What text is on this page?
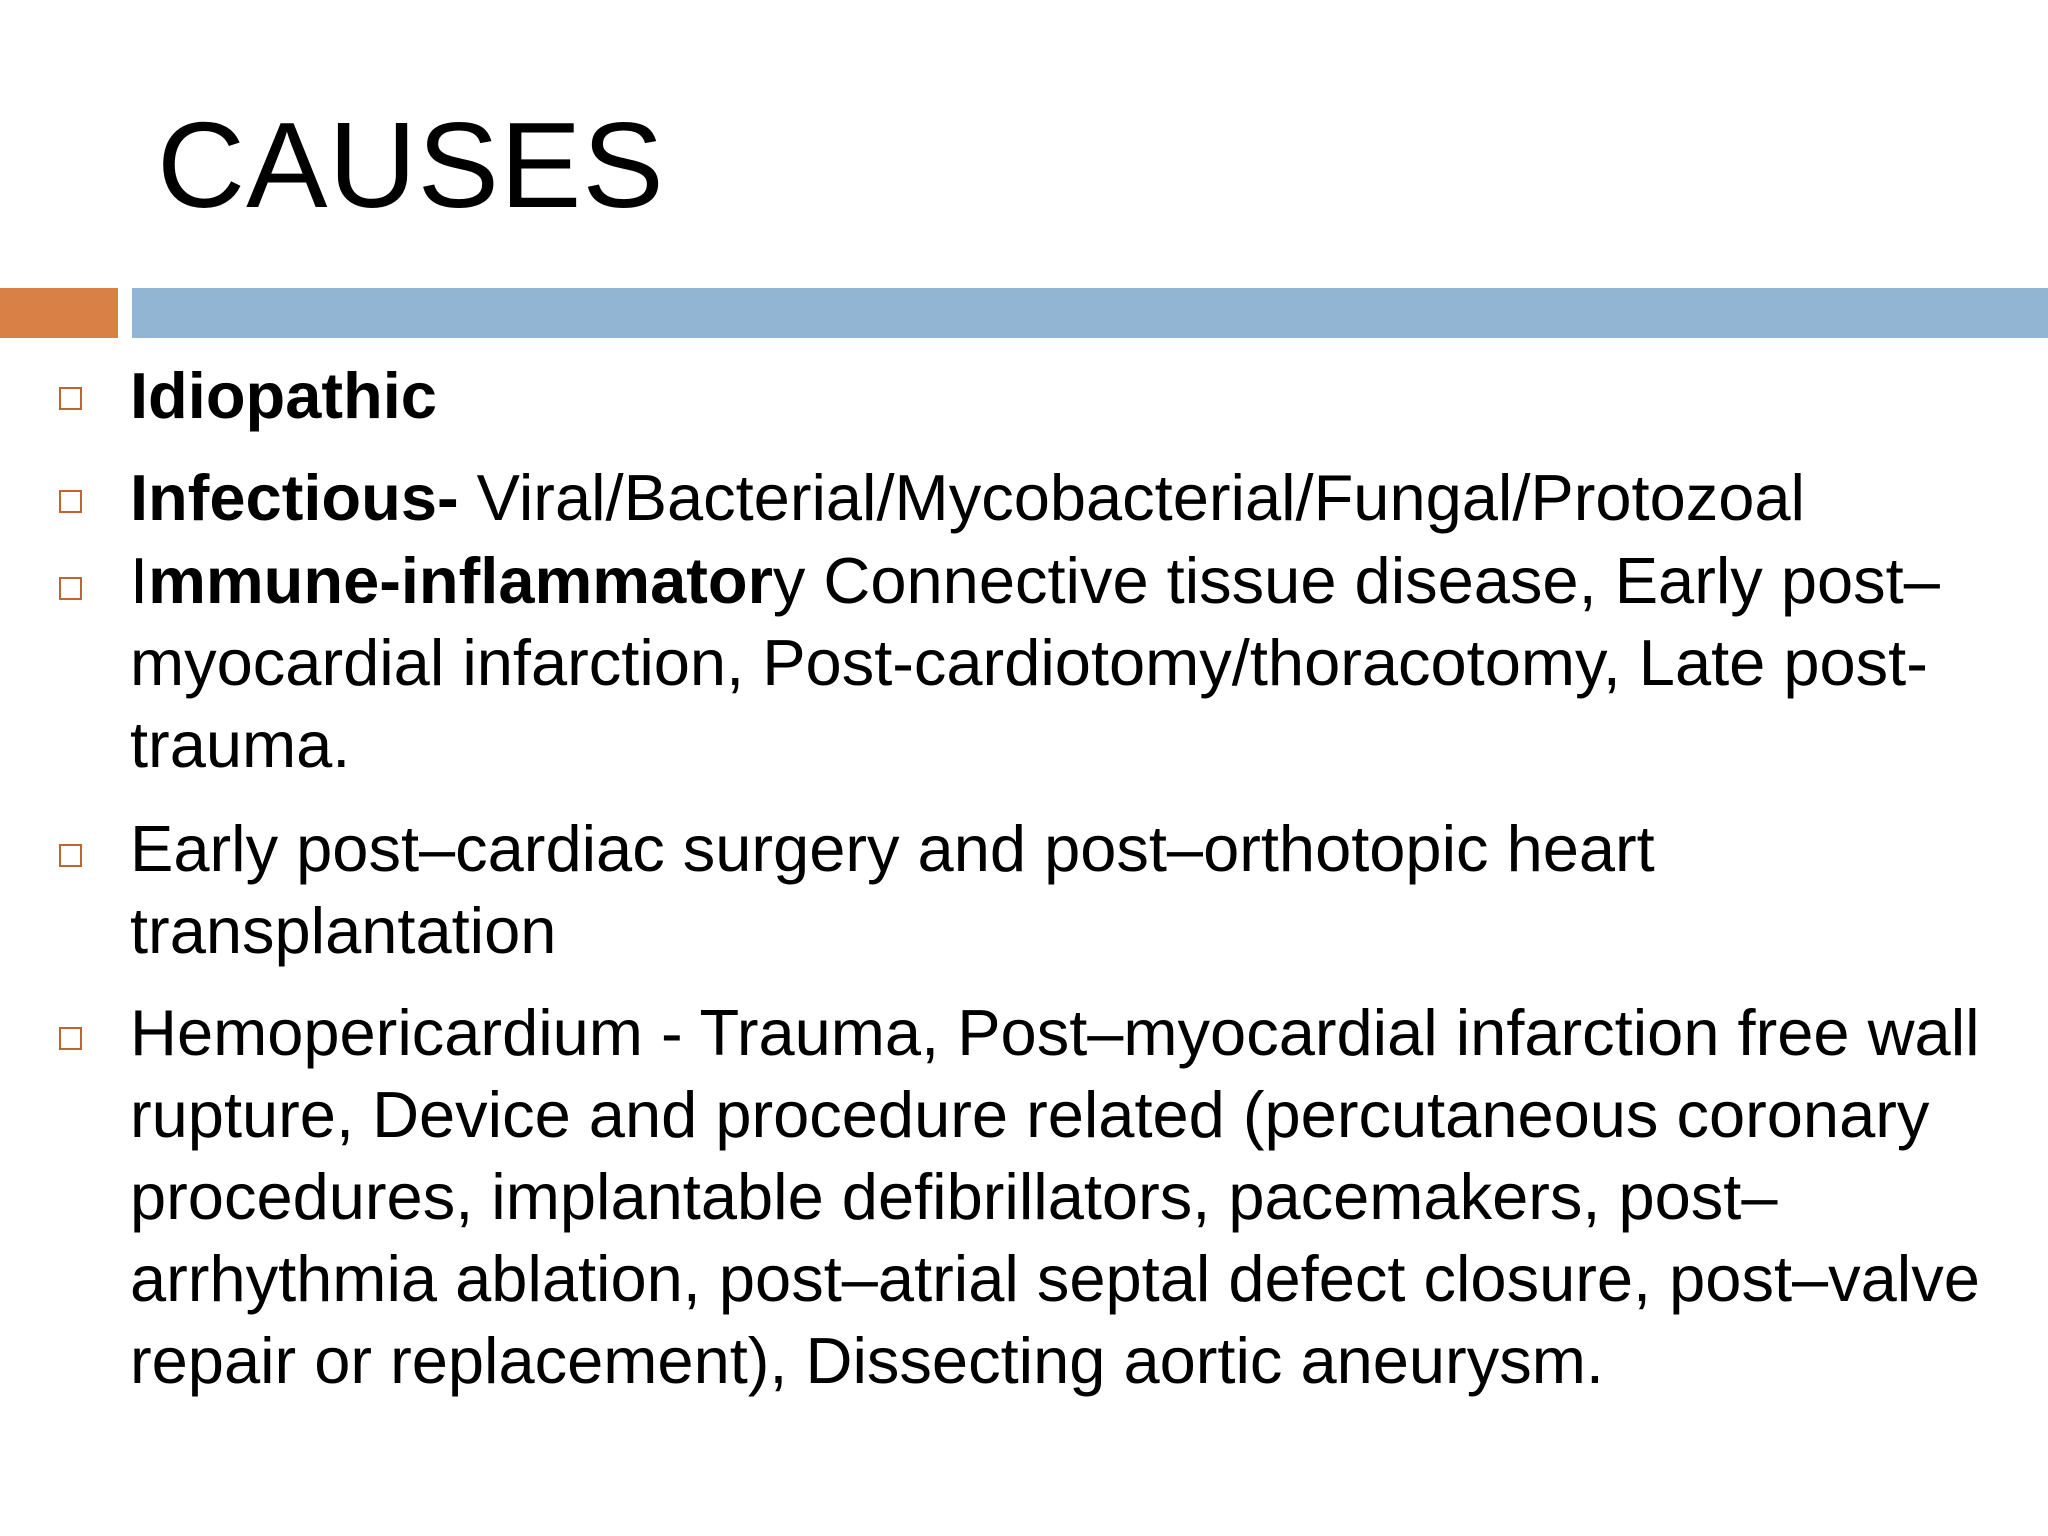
CAUSES
Idiopathic
Infectious- Viral/Bacterial/Mycobacterial/Fungal/Protozoal
Immune-inflammatory Connective tissue disease, Early post–myocardial infarction, Post-cardiotomy/thoracotomy, Late post- trauma.
Early post–cardiac surgery and post–orthotopic heart transplantation
Hemopericardium - Trauma, Post–myocardial infarction free wall rupture, Device and procedure related (percutaneous coronary procedures, implantable defibrillators, pacemakers, post–arrhythmia ablation, post–atrial septal defect closure, post–valve repair or replacement), Dissecting aortic aneurysm.
